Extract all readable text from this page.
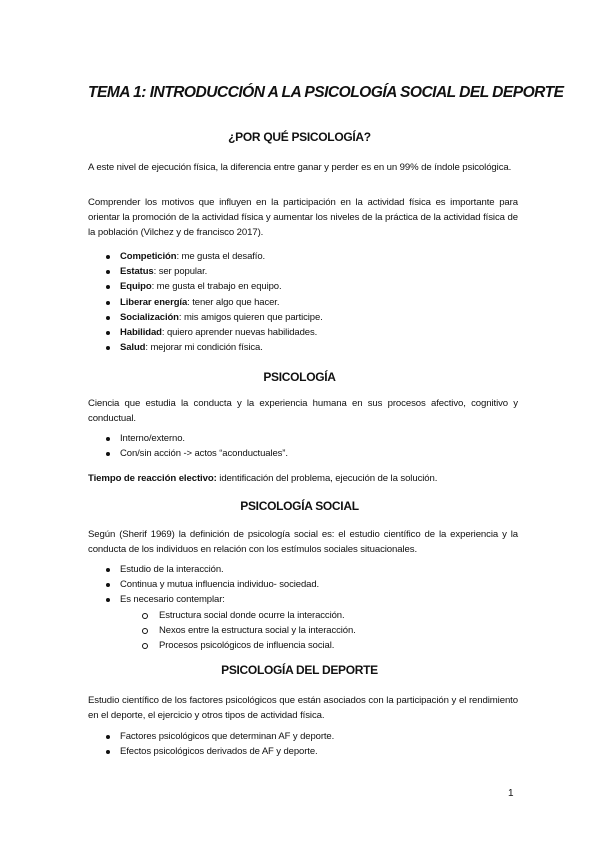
TEMA 1: INTRODUCCIÓN A LA PSICOLOGÍA SOCIAL DEL DEPORTE
¿POR QUÉ PSICOLOGÍA?

A este nivel de ejecución física, la diferencia entre ganar y perder es en un 99% de índole psicológica.

Comprender los motivos que influyen en la participación en la actividad física es importante para orientar la promoción de la actividad física y aumentar los niveles de la práctica de la actividad física de la población (Vilchez y de francisco 2017).

Competición: me gusta el desafío.
Estatus: ser popular.
Equipo: me gusta el trabajo en equipo.
Liberar energía: tener algo que hacer.
Socialización: mis amigos quieren que participe.
Habilidad: quiero aprender nuevas habilidades.
Salud: mejorar mi condición física.
PSICOLOGÍA

Ciencia que estudia la conducta y la experiencia humana en sus procesos afectivo, cognitivo y conductual.

Interno/externo.
Con/sin acción -> actos “aconductuales”.

Tiempo de reacción electivo: identificación del problema, ejecución de la solución.

PSICOLOGÍA SOCIAL

Según (Sherif 1969) la definición de psicología social es: el estudio científico de la experiencia y la conducta de los individuos en relación con los estímulos sociales situacionales.

Estudio de la interacción.
Continua y mutua influencia individuo- sociedad.
Es necesario contemplar:
Estructura social donde ocurre la interacción.
Nexos entre la estructura social y la interacción.
Procesos psicológicos de influencia social.
PSICOLOGÍA DEL DEPORTE

Estudio científico de los factores psicológicos que están asociados con la participación y el rendimiento en el deporte, el ejercicio y otros tipos de actividad física.

Factores psicológicos que determinan AF y deporte.
Efectos psicológicos derivados de AF y deporte.
1
